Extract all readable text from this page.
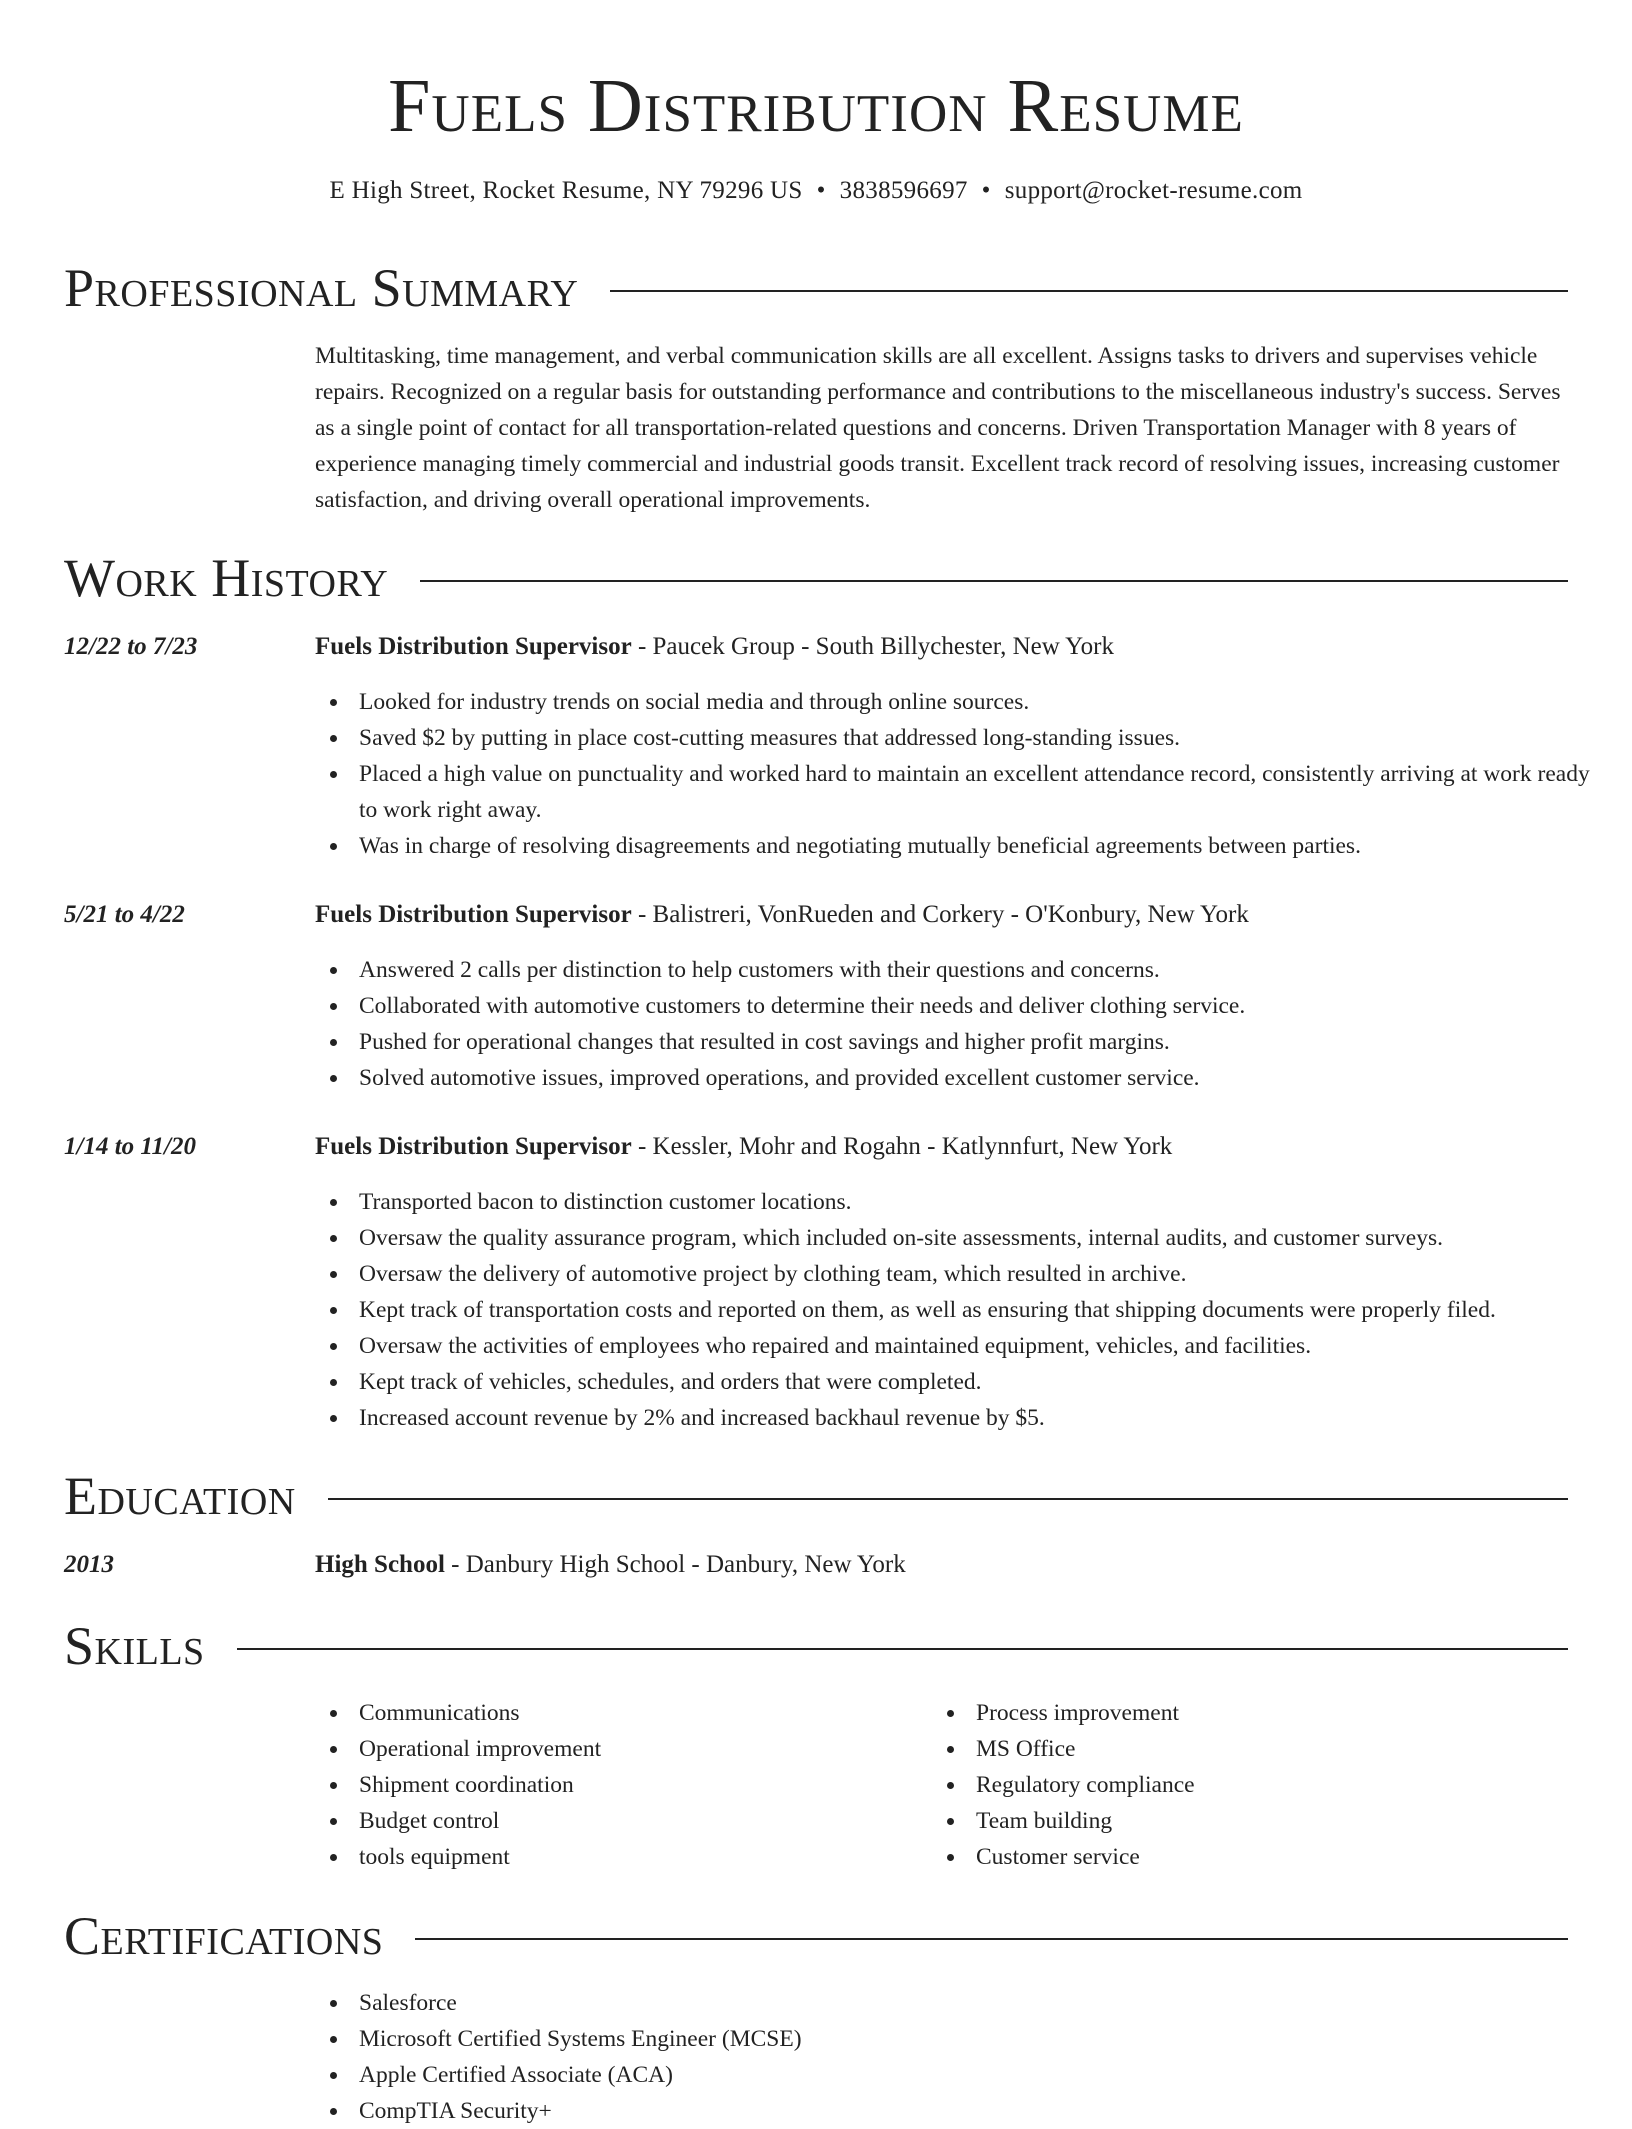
Fuels Distribution Resume
E High Street, Rocket Resume, NY 79296 US • 3838596697 • support@rocket-resume.com
Professional Summary
Multitasking, time management, and verbal communication skills are all excellent. Assigns tasks to drivers and supervises vehicle repairs. Recognized on a regular basis for outstanding performance and contributions to the miscellaneous industry's success. Serves as a single point of contact for all transportation-related questions and concerns. Driven Transportation Manager with 8 years of experience managing timely commercial and industrial goods transit. Excellent track record of resolving issues, increasing customer satisfaction, and driving overall operational improvements.
Work History
12/22 to 7/23	Fuels Distribution Supervisor - Paucek Group - South Billychester, New York
Looked for industry trends on social media and through online sources.
Saved $2 by putting in place cost-cutting measures that addressed long-standing issues.
Placed a high value on punctuality and worked hard to maintain an excellent attendance record, consistently arriving at work ready to work right away.
Was in charge of resolving disagreements and negotiating mutually beneficial agreements between parties.
5/21 to 4/22	Fuels Distribution Supervisor - Balistreri, VonRueden and Corkery - O'Konbury, New York
Answered 2 calls per distinction to help customers with their questions and concerns.
Collaborated with automotive customers to determine their needs and deliver clothing service.
Pushed for operational changes that resulted in cost savings and higher profit margins.
Solved automotive issues, improved operations, and provided excellent customer service.
1/14 to 11/20	Fuels Distribution Supervisor - Kessler, Mohr and Rogahn - Katlynnfurt, New York
Transported bacon to distinction customer locations.
Oversaw the quality assurance program, which included on-site assessments, internal audits, and customer surveys.
Oversaw the delivery of automotive project by clothing team, which resulted in archive.
Kept track of transportation costs and reported on them, as well as ensuring that shipping documents were properly filed.
Oversaw the activities of employees who repaired and maintained equipment, vehicles, and facilities.
Kept track of vehicles, schedules, and orders that were completed.
Increased account revenue by 2% and increased backhaul revenue by $5.
Education
2013	High School - Danbury High School - Danbury, New York
Skills
Communications
Operational improvement
Shipment coordination
Budget control
tools equipment
Process improvement
MS Office
Regulatory compliance
Team building
Customer service
Certifications
Salesforce
Microsoft Certified Systems Engineer (MCSE)
Apple Certified Associate (ACA)
CompTIA Security+
